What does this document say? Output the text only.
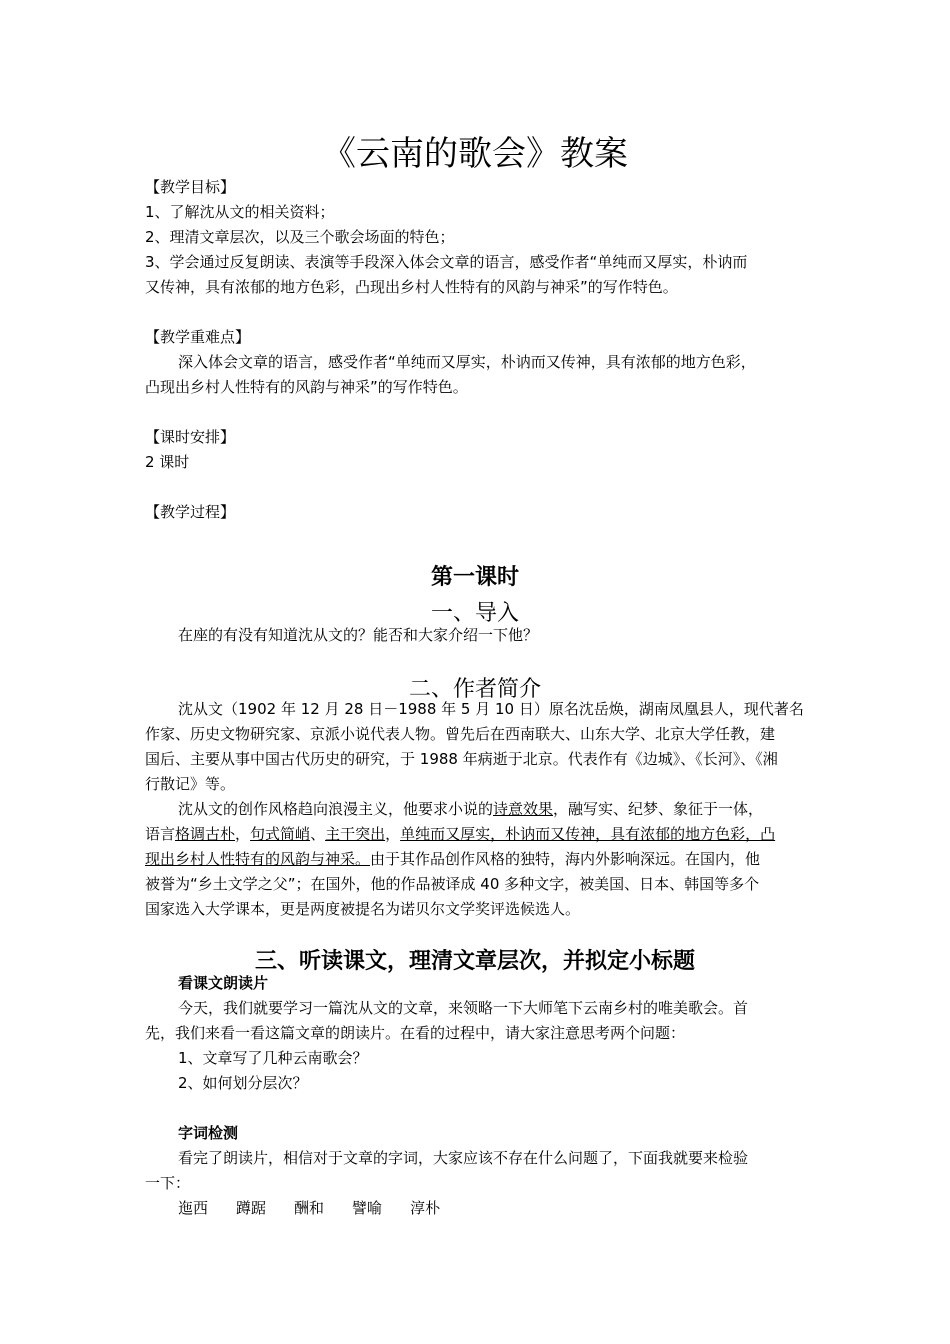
《云南的歌会》教案
【教学目标】
1、了解沈从文的相关资料；
2、理清文章层次，以及三个歌会场面的特色；
3、学会通过反复朗读、表演等手段深入体会文章的语言，感受作者“单纯而又厚实，朴讷而
又传神，具有浓郁的地方色彩，凸现出乡村人性特有的风韵与神采”的写作特色。
【教学重难点】
深入体会文章的语言，感受作者“单纯而又厚实，朴讷而又传神，具有浓郁的地方色彩，
凸现出乡村人性特有的风韵与神采”的写作特色。
【课时安排】
2 课时
【教学过程】
第一课时
一、导入
在座的有没有知道沈从文的？能否和大家介绍一下他？
二、作者简介
沈从文（1902 年 12 月 28 日－1988 年 5 月 10 日）原名沈岳焕，湖南凤凰县人，现代著名
作家、历史文物研究家、京派小说代表人物。曾先后在西南联大、山东大学、北京大学任教，建
国后、主要从事中国古代历史的研究，于 1988 年病逝于北京。代表作有《边城》、《长河》、《湘
行散记》等。
沈从文的创作风格趋向浪漫主义，他要求小说的诗意效果，融写实、纪梦、象征于一体，
语言格调古朴，句式简峭、主干突出，单纯而又厚实，朴讷而又传神，具有浓郁的地方色彩，凸
现出乡村人性特有的风韵与神采。由于其作品创作风格的独特，海内外影响深远。在国内，他
被誉为“乡土文学之父”；在国外，他的作品被译成 40 多种文字，被美国、日本、韩国等多个
国家选入大学课本，更是两度被提名为诺贝尔文学奖评选候选人。
三、听读课文，理清文章层次，并拟定小标题
看课文朗读片
今天，我们就要学习一篇沈从文的文章，来领略一下大师笔下云南乡村的唯美歌会。首
先，我们来看一看这篇文章的朗读片。在看的过程中，请大家注意思考两个问题：
1、文章写了几种云南歌会？
2、如何划分层次？
字词检测
看完了朗读片，相信对于文章的字词，大家应该不存在什么问题了，下面我就要来检验
一下：
迤西 蹲踞 酬和 譬喻 淳朴
